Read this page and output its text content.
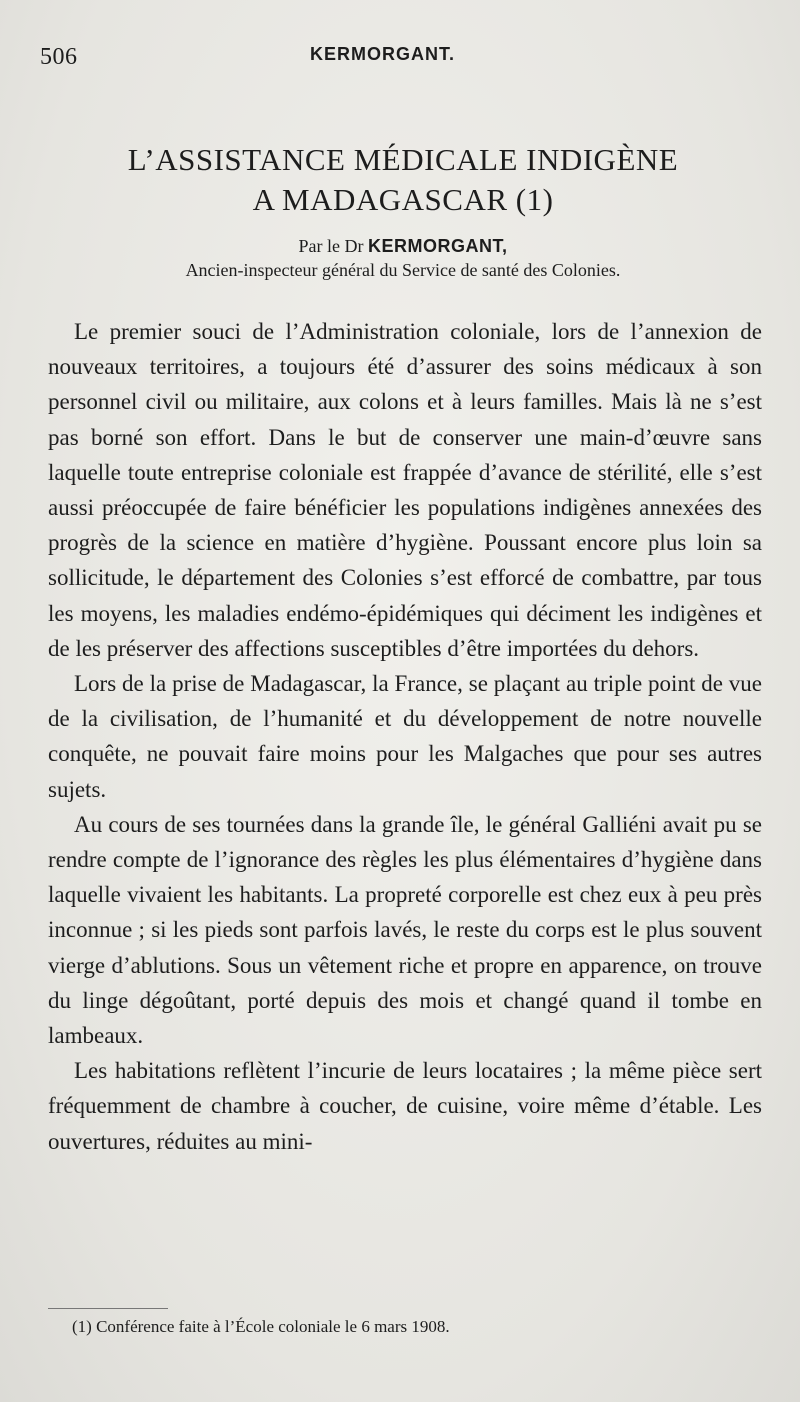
506	KERMORGANT.
L’ASSISTANCE MÉDICALE INDIGÈNE
A MADAGASCAR (1)
Par le Dr KERMORGANT,
Ancien-inspecteur général du Service de santé des Colonies.

Le premier souci de l’Administration coloniale, lors de l’annexion de nouveaux territoires, a toujours été d’assurer des soins médicaux à son personnel civil ou militaire, aux colons et à leurs familles. Mais là ne s’est pas borné son effort. Dans le but de conserver une main-d’œuvre sans laquelle toute entreprise coloniale est frappée d’avance de stérilité, elle s’est aussi préoccupée de faire bénéficier les populations indigènes annexées des progrès de la science en matière d’hygiène. Poussant encore plus loin sa sollicitude, le département des Colonies s’est efforcé de combattre, par tous les moyens, les maladies endémo-épidémiques qui déciment les indigènes et de les préserver des affections susceptibles d’être importées du dehors.

Lors de la prise de Madagascar, la France, se plaçant au triple point de vue de la civilisation, de l’humanité et du développement de notre nouvelle conquête, ne pouvait faire moins pour les Malgaches que pour ses autres sujets.

Au cours de ses tournées dans la grande île, le général Galliéni avait pu se rendre compte de l’ignorance des règles les plus élémentaires d’hygiène dans laquelle vivaient les habitants. La propreté corporelle est chez eux à peu près inconnue ; si les pieds sont parfois lavés, le reste du corps est le plus souvent vierge d’ablutions. Sous un vêtement riche et propre en apparence, on trouve du linge dégoûtant, porté depuis des mois et changé quand il tombe en lambeaux.

Les habitations reflètent l’incurie de leurs locataires ; la même pièce sert fréquemment de chambre à coucher, de cuisine, voire même d’étable. Les ouvertures, réduites au mini-

(1) Conférence faite à l’École coloniale le 6 mars 1908.
